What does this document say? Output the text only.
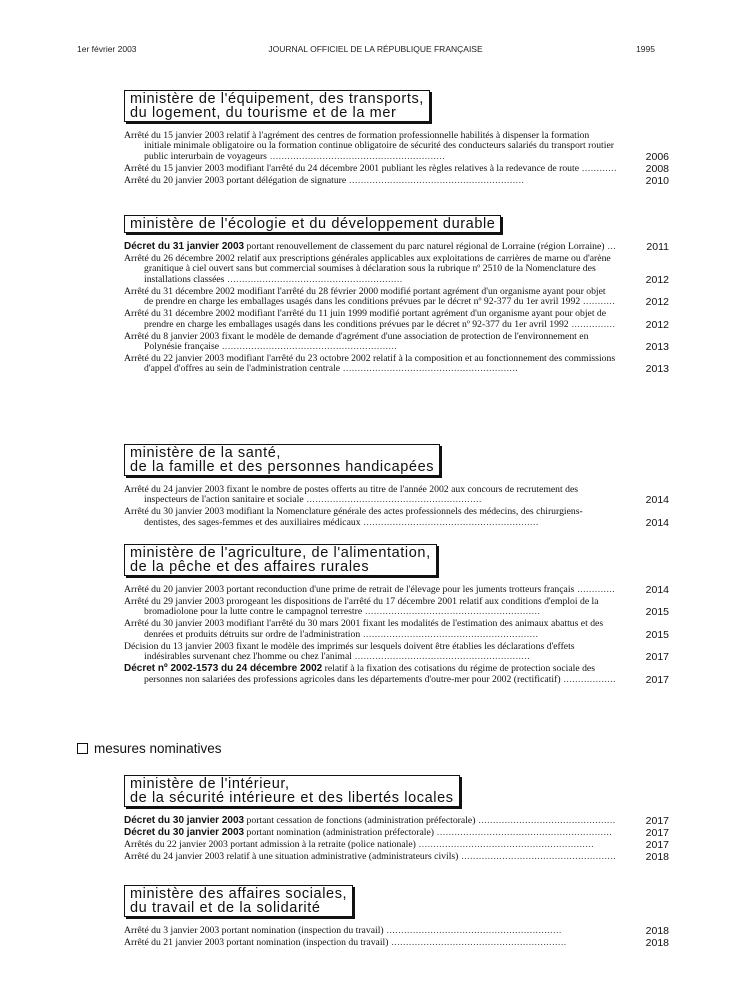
1er février 2003	JOURNAL OFFICIEL DE LA RÉPUBLIQUE FRANÇAISE	1995
ministère de l'équipement, des transports,
du logement, du tourisme et de la mer
Arrêté du 15 janvier 2003 relatif à l'agrément des centres de formation professionnelle habilités à dispenser la formation initiale minimale obligatoire ou la formation continue obligatoire de sécurité des conducteurs salariés du transport routier public interurbain de voyageurs ............................................................	2006
Arrêté du 15 janvier 2003 modifiant l'arrêté du 24 décembre 2001 publiant les règles relatives à la redevance de route ............	2008
Arrêté du 20 janvier 2003 portant délégation de signature ............................................................	2010
ministère de l'écologie et du développement durable
Décret du 31 janvier 2003 portant renouvellement de classement du parc naturel régional de Lorraine (région Lorraine) ...	2011
Arrêté du 26 décembre 2002 relatif aux prescriptions générales applicables aux exploitations de carrières de marne ou d'arène granitique à ciel ouvert sans but commercial soumises à déclaration sous la rubrique nº 2510 de la Nomenclature des installations classées ............................................................	2012
Arrêté du 31 décembre 2002 modifiant l'arrêté du 28 février 2000 modifié portant agrément d'un organisme ayant pour objet de prendre en charge les emballages usagés dans les conditions prévues par le décret nº 92-377 du 1er avril 1992 ...........	2012
Arrêté du 31 décembre 2002 modifiant l'arrêté du 11 juin 1999 modifié portant agrément d'un organisme ayant pour objet de prendre en charge les emballages usagés dans les conditions prévues par le décret nº 92-377 du 1er avril 1992 ...............	2012
Arrêté du 8 janvier 2003 fixant le modèle de demande d'agrément d'une association de protection de l'environnement en Polynésie française ............................................................	2013
Arrêté du 22 janvier 2003 modifiant l'arrêté du 23 octobre 2002 relatif à la composition et au fonctionnement des commissions d'appel d'offres au sein de l'administration centrale ............................................................	2013
ministère de la santé,
de la famille et des personnes handicapées
Arrêté du 24 janvier 2003 fixant le nombre de postes offerts au titre de l'année 2002 aux concours de recrutement des inspecteurs de l'action sanitaire et sociale ............................................................	2014
Arrêté du 30 janvier 2003 modifiant la Nomenclature générale des actes professionnels des médecins, des chirurgiens-dentistes, des sages-femmes et des auxiliaires médicaux ............................................................	2014
ministère de l'agriculture, de l'alimentation,
de la pêche et des affaires rurales
Arrêté du 20 janvier 2003 portant reconduction d'une prime de retrait de l'élevage pour les juments trotteurs français .............	2014
Arrêté du 29 janvier 2003 prorogeant les dispositions de l'arrêté du 17 décembre 2001 relatif aux conditions d'emploi de la bromadiolone pour la lutte contre le campagnol terrestre ............................................................	2015
Arrêté du 30 janvier 2003 modifiant l'arrêté du 30 mars 2001 fixant les modalités de l'estimation des animaux abattus et des denrées et produits détruits sur ordre de l'administration ............................................................	2015
Décision du 13 janvier 2003 fixant le modèle des imprimés sur lesquels doivent être établies les déclarations d'effets indésirables survenant chez l'homme ou chez l'animal ............................................................	2017
Décret nº 2002-1573 du 24 décembre 2002 relatif à la fixation des cotisations du régime de protection sociale des personnes non salariées des professions agricoles dans les départements d'outre-mer pour 2002 (rectificatif) ..................	2017
mesures nominatives
ministère de l'intérieur,
de la sécurité intérieure et des libertés locales
Décret du 30 janvier 2003 portant cessation de fonctions (administration préfectorale) ...............................................	2017
Décret du 30 janvier 2003 portant nomination (administration préfectorale) ............................................................	2017
Arrêtés du 22 janvier 2003 portant admission à la retraite (police nationale) ............................................................	2017
Arrêté du 24 janvier 2003 relatif à une situation administrative (administrateurs civils) .....................................................	2018
ministère des affaires sociales,
du travail et de la solidarité
Arrêté du 3 janvier 2003 portant nomination (inspection du travail) ............................................................	2018
Arrêté du 21 janvier 2003 portant nomination (inspection du travail) ............................................................	2018
